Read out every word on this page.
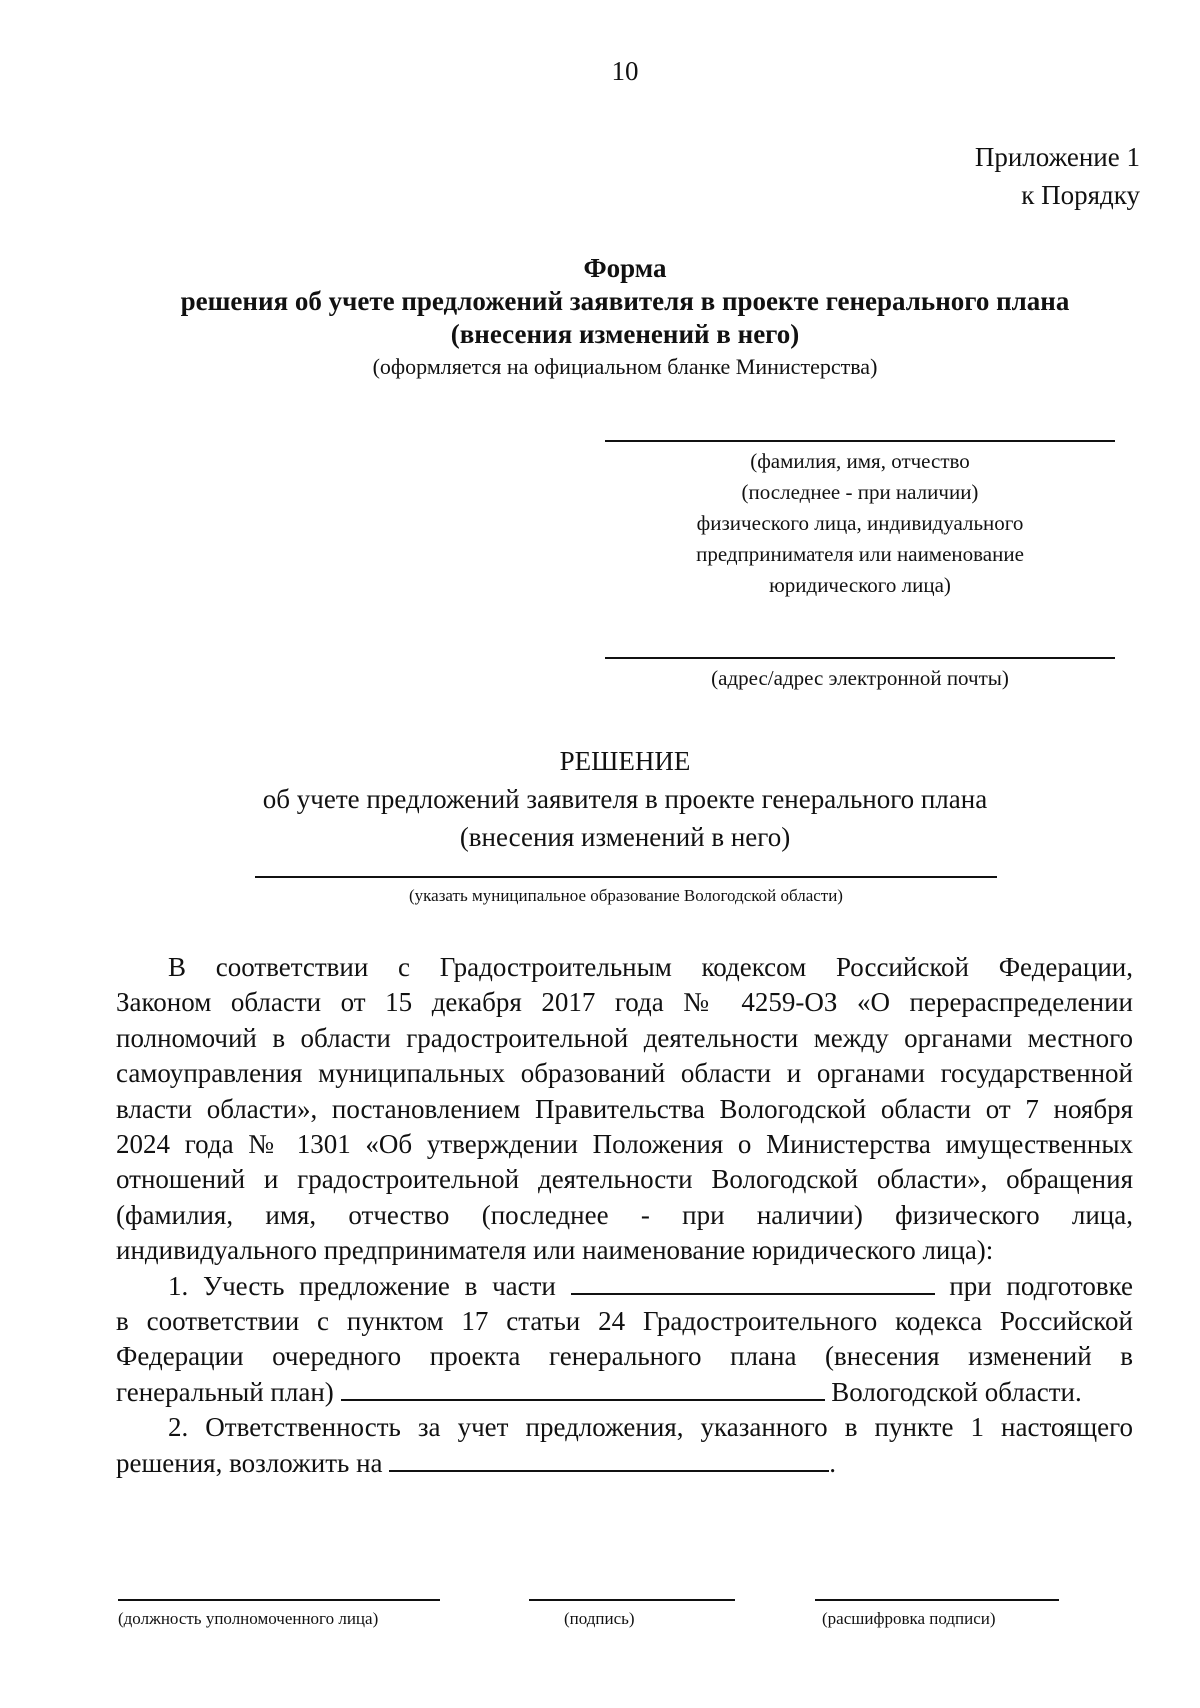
10
Приложение 1
к Порядку
Форма
решения об учете предложений заявителя в проекте генерального плана
(внесения изменений в него)
(оформляется на официальном бланке Министерства)
(фамилия, имя, отчество
(последнее - при наличии)
физического лица, индивидуального
предпринимателя или наименование
юридического лица)
(адрес/адрес электронной почты)
РЕШЕНИЕ
об учете предложений заявителя в проекте генерального плана
(внесения изменений в него)
(указать муниципальное образование Вологодской области)

В соответствии с Градостроительным кодексом Российской Федерации,

Законом области от 15 декабря 2017 года № 4259-ОЗ «О перераспределении

полномочий в области градостроительной деятельности между органами местного

самоуправления муниципальных образований области и органами государственной

власти области», постановлением Правительства Вологодской области от 7 ноября

2024 года № 1301 «Об утверждении Положения о Министерства имущественных

отношений и градостроительной деятельности Вологодской области», обращения

(фамилия, имя, отчество (последнее - при наличии) физического лица,

индивидуального предпринимателя или наименование юридического лица):

1. Учесть предложение в части	при подготовке

в соответствии с пунктом 17 статьи 24 Градостроительного кодекса Российской

Федерации очередного проекта генерального плана (внесения изменений в

генеральный план)	Вологодской области.

2. Ответственность за учет предложения, указанного в пункте 1 настоящего

решения, возложить на	.

(должность уполномоченного лица)	(подпись)	(расшифровка подписи)
